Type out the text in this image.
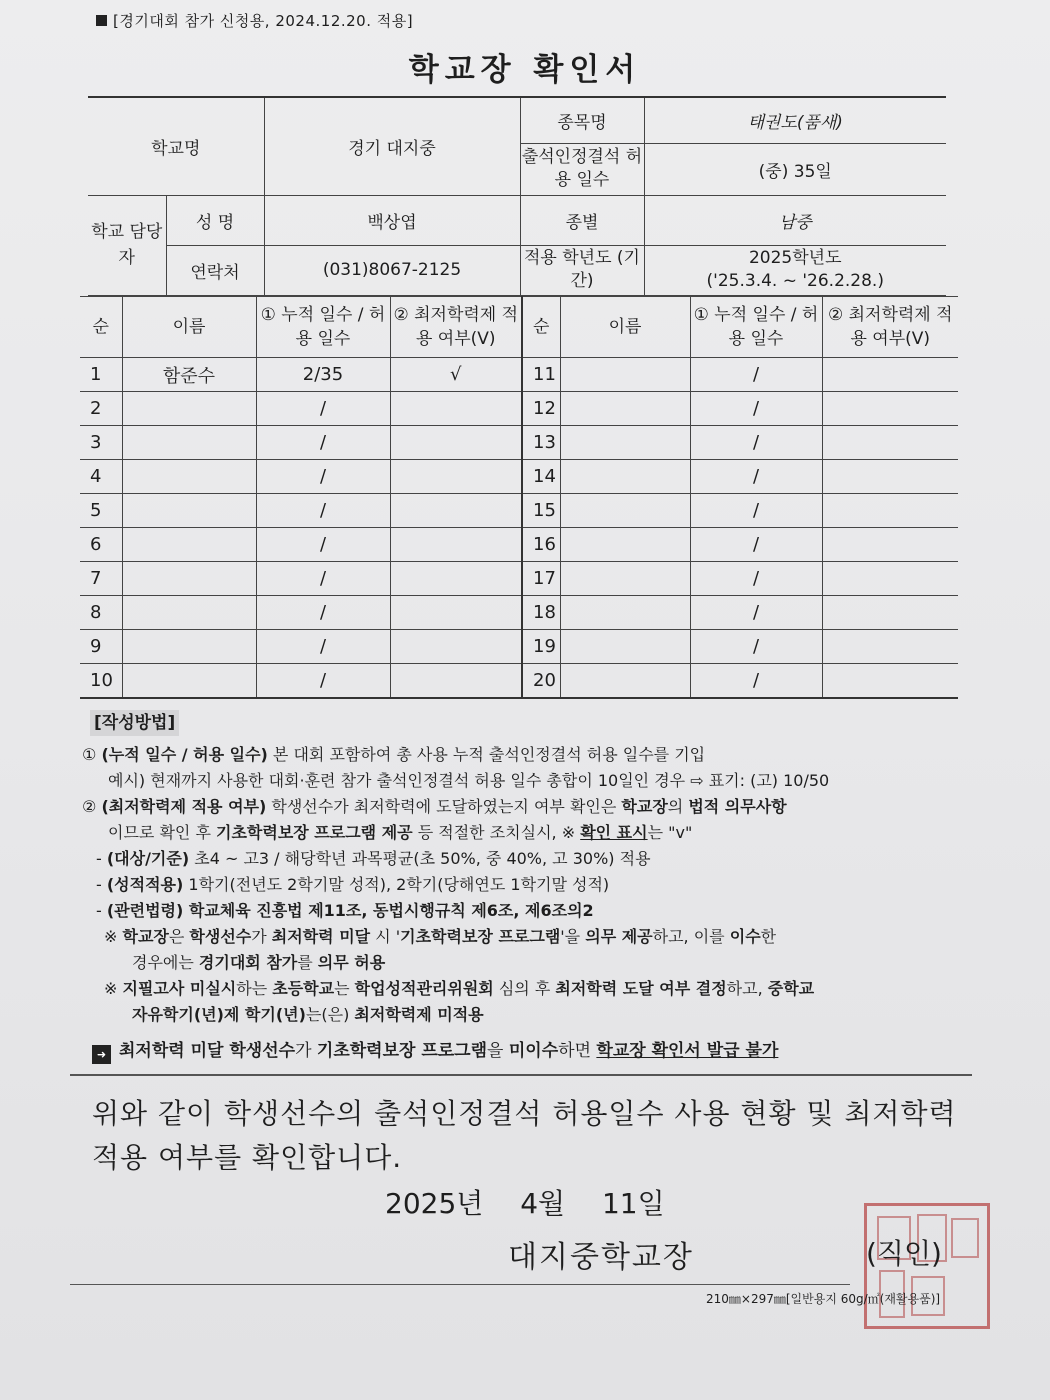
[경기대회 참가 신청용, 2024.12.20. 적용]
학교장 확인서
학교명		경기 대지중	종목명	태권도(품새)
			출석인정결석 허용 일수	(중) 35일
학교 담당자	성 명	백상엽	종별	남중
	연락처	(031)8067-2125	적용 학년도 (기간)	2025학년도
('25.3.4. ~ '26.2.28.)
순	이름	① 누적 일수 / 허용 일수	② 최저학력제 적용 여부(V)	순	이름	① 누적 일수 / 허용 일수	② 최저학력제 적용 여부(V)
1	함준수	2/35	√	11		/	
2		/		12		/	
3		/		13		/	
4		/		14		/	
5		/		15		/	
6		/		16		/	
7		/		17		/	
8		/		18		/	
9		/		19		/	
10		/		20		/	
[작성방법]
① (누적 일수 / 허용 일수) 본 대회 포함하여 총 사용 누적 출석인정결석 허용 일수를 기입
예시) 현재까지 사용한 대회·훈련 참가 출석인정결석 허용 일수 총합이 10일인 경우 ⇨ 표기: (고) 10/50
② (최저학력제 적용 여부) 학생선수가 최저학력에 도달하였는지 여부 확인은 학교장의 법적 의무사항
이므로 확인 후 기초학력보장 프로그램 제공 등 적절한 조치실시, ※ 확인 표시는 "v"
- (대상/기준) 초4 ~ 고3 / 해당학년 과목평균(초 50%, 중 40%, 고 30%) 적용
- (성적적용) 1학기(전년도 2학기말 성적), 2학기(당해연도 1학기말 성적)
- (관련법령) 학교체육 진흥법 제11조, 동법시행규칙 제6조, 제6조의2
※ 학교장은 학생선수가 최저학력 미달 시 '기초학력보장 프로그램'을 의무 제공하고, 이를 이수한
경우에는 경기대회 참가를 의무 허용
※ 지필고사 미실시하는 초등학교는 학업성적관리위원회 심의 후 최저학력 도달 여부 결정하고, 중학교
자유학기(년)제 학기(년)는(은) 최저학력제 미적용
➜ 최저학력 미달 학생선수가 기초학력보장 프로그램을 미이수하면 학교장 확인서 발급 불가
위와 같이 학생선수의 출석인정결석 허용일수 사용 현황 및 최저학력 적용 여부를 확인합니다.
2025년 4월 11일
대지중학교장	(직인)
210㎜×297㎜[일반용지 60g/㎡(재활용품)]
